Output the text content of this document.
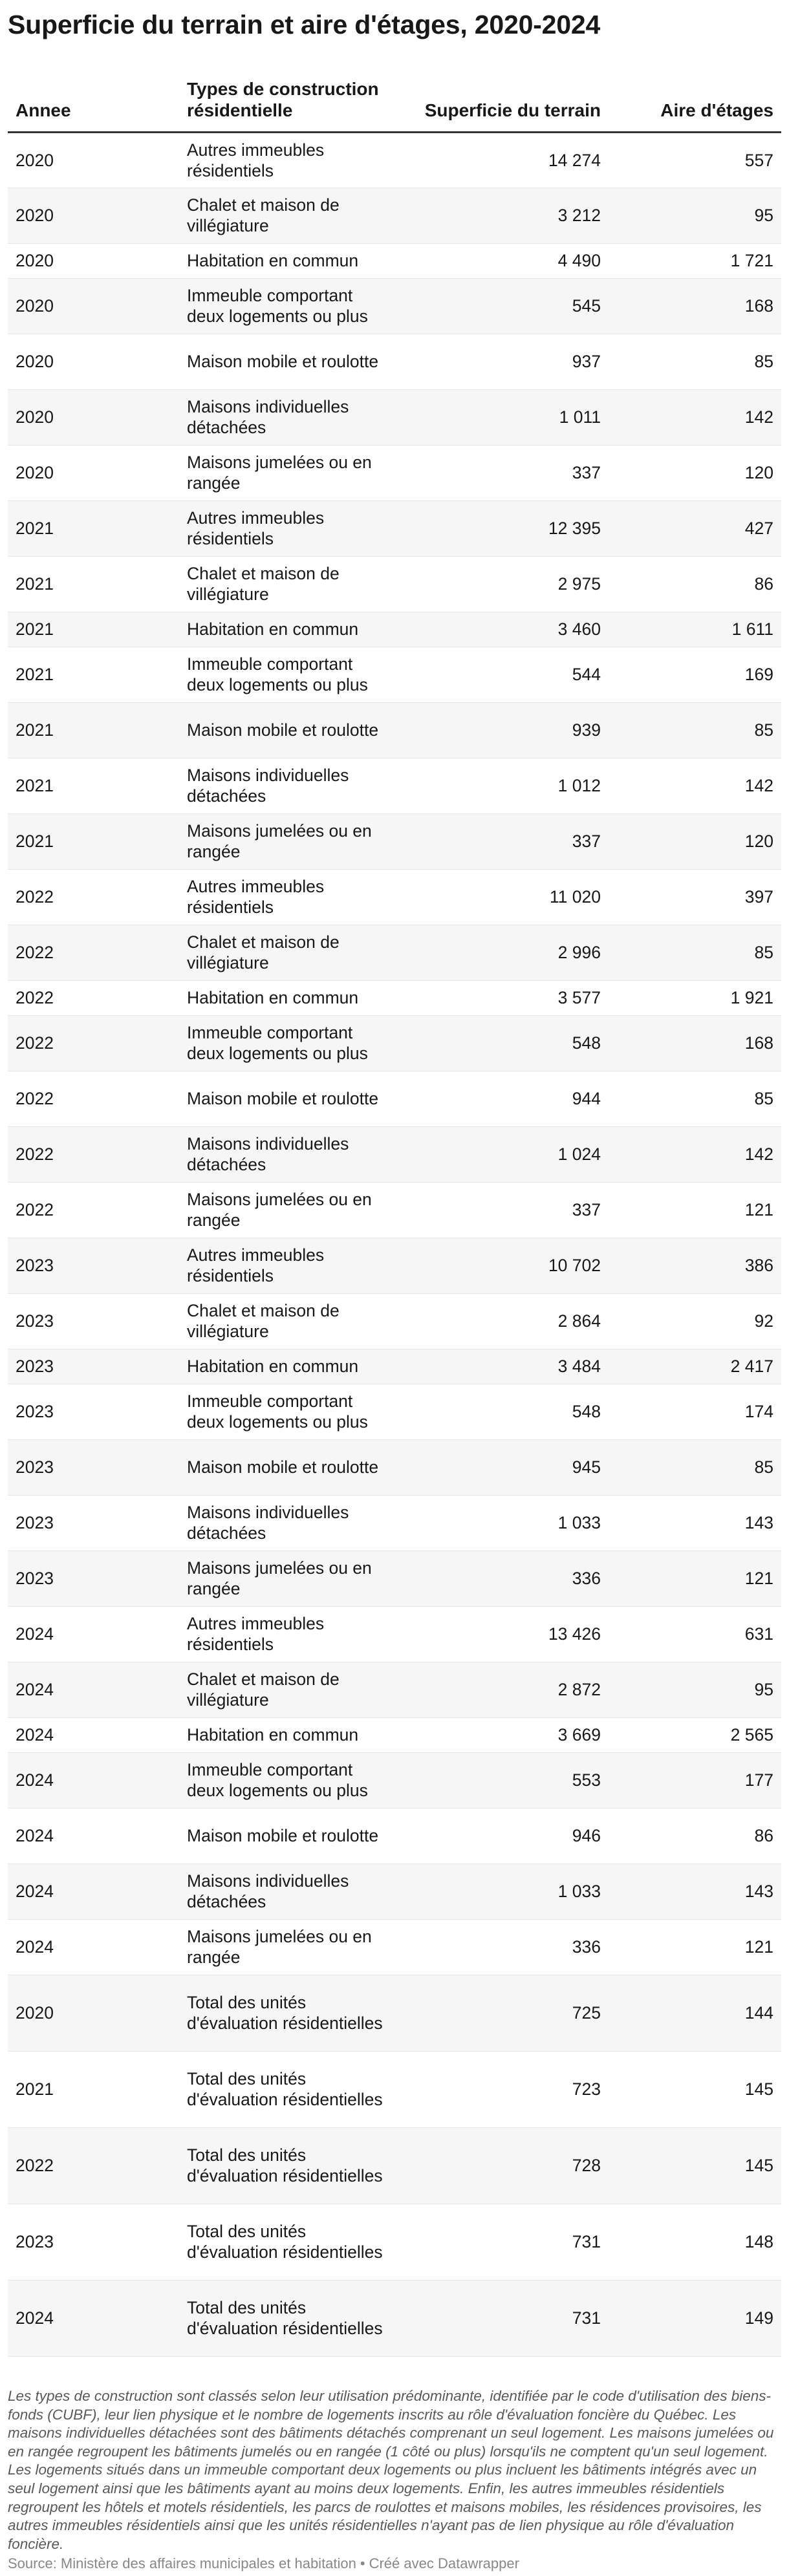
Superficie du terrain et aire d'étages, 2020-2024
Annee	Types de construction résidentielle	Superficie du terrain	Aire d'étages
2020	Autres immeubles résidentiels	14 274	557
2020	Chalet et maison de villégiature	3 212	95
2020	Habitation en commun	4 490	1 721
2020	Immeuble comportant deux logements ou plus	545	168
2020	Maison mobile et roulotte	937	85
2020	Maisons individuelles détachées	1 011	142
2020	Maisons jumelées ou en rangée	337	120
2021	Autres immeubles résidentiels	12 395	427
2021	Chalet et maison de villégiature	2 975	86
2021	Habitation en commun	3 460	1 611
2021	Immeuble comportant deux logements ou plus	544	169
2021	Maison mobile et roulotte	939	85
2021	Maisons individuelles détachées	1 012	142
2021	Maisons jumelées ou en rangée	337	120
2022	Autres immeubles résidentiels	11 020	397
2022	Chalet et maison de villégiature	2 996	85
2022	Habitation en commun	3 577	1 921
2022	Immeuble comportant deux logements ou plus	548	168
2022	Maison mobile et roulotte	944	85
2022	Maisons individuelles détachées	1 024	142
2022	Maisons jumelées ou en rangée	337	121
2023	Autres immeubles résidentiels	10 702	386
2023	Chalet et maison de villégiature	2 864	92
2023	Habitation en commun	3 484	2 417
2023	Immeuble comportant deux logements ou plus	548	174
2023	Maison mobile et roulotte	945	85
2023	Maisons individuelles détachées	1 033	143
2023	Maisons jumelées ou en rangée	336	121
2024	Autres immeubles résidentiels	13 426	631
2024	Chalet et maison de villégiature	2 872	95
2024	Habitation en commun	3 669	2 565
2024	Immeuble comportant deux logements ou plus	553	177
2024	Maison mobile et roulotte	946	86
2024	Maisons individuelles détachées	1 033	143
2024	Maisons jumelées ou en rangée	336	121
2020	Total des unités d'évaluation résidentielles	725	144
2021	Total des unités d'évaluation résidentielles	723	145
2022	Total des unités d'évaluation résidentielles	728	145
2023	Total des unités d'évaluation résidentielles	731	148
2024	Total des unités d'évaluation résidentielles	731	149

Les types de construction sont classés selon leur utilisation prédominante, identifiée par le code d'utilisation des biens-fonds (CUBF), leur lien physique et le nombre de logements inscrits au rôle d'évaluation foncière du Québec. Les maisons individuelles détachées sont des bâtiments détachés comprenant un seul logement. Les maisons jumelées ou en rangée regroupent les bâtiments jumelés ou en rangée (1 côté ou plus) lorsqu'ils ne comptent qu'un seul logement. Les logements situés dans un immeuble comportant deux logements ou plus incluent les bâtiments intégrés avec un seul logement ainsi que les bâtiments ayant au moins deux logements. Enfin, les autres immeubles résidentiels regroupent les hôtels et motels résidentiels, les parcs de roulottes et maisons mobiles, les résidences provisoires, les autres immeubles résidentiels ainsi que les unités résidentielles n'ayant pas de lien physique au rôle d'évaluation foncière.

Source: Ministère des affaires municipales et habitation • Créé avec Datawrapper
